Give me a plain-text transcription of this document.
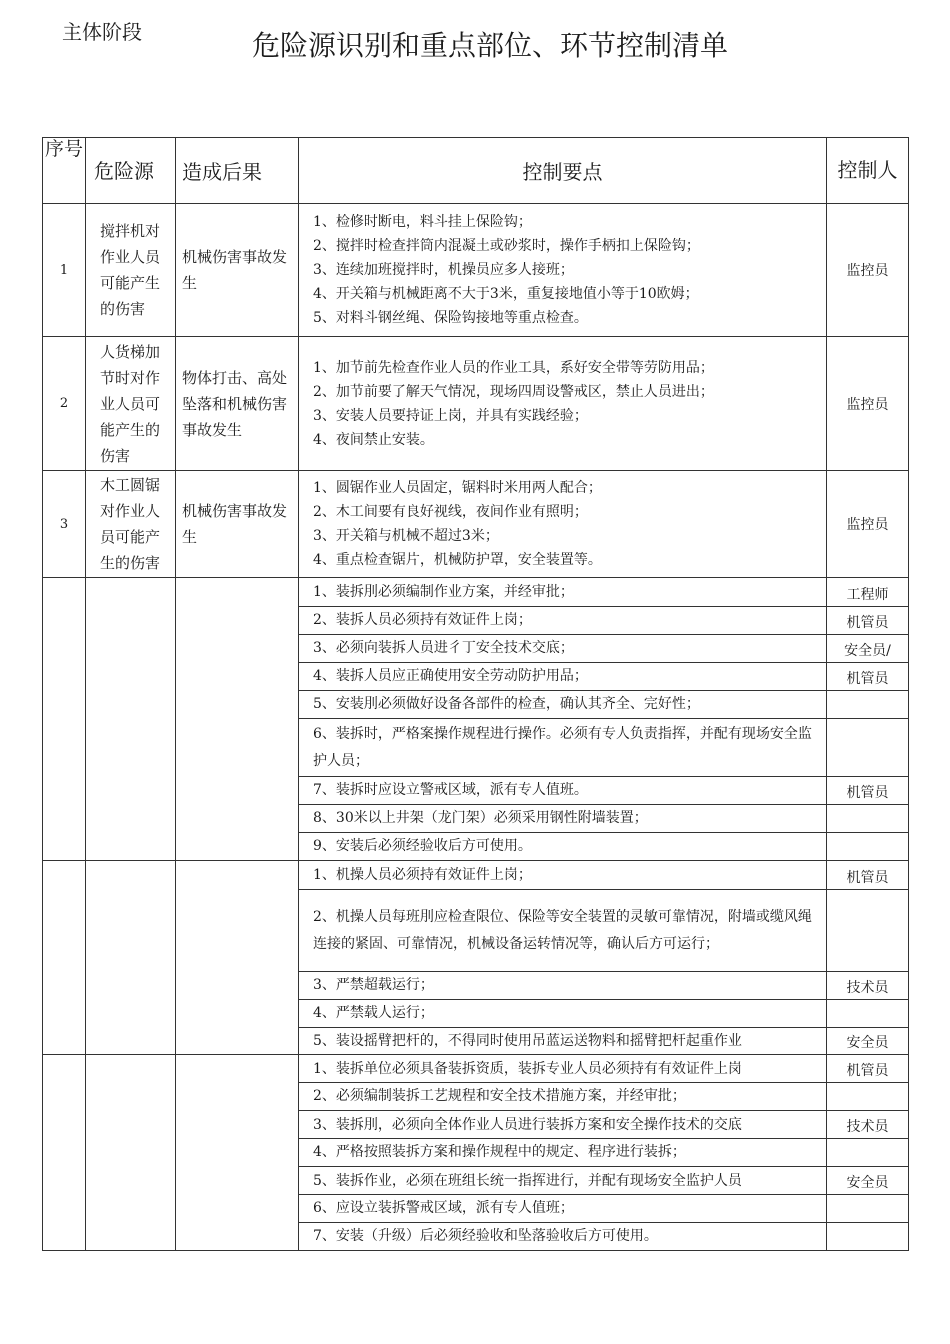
主体阶段	危险源识别和重点部位、环节控制清单
序号	危险源	造成后果	控制要点	控制人
1	搅拌机对作业人员可能产生的伤害	机械伤害事故发生	1、检修时断电，料斗挂上保险钩；
2、搅拌时检查拌筒内混凝土或砂浆时，操作手柄扣上保险钩；
3、连续加班搅拌时，机操员应多人接班；
4、开关箱与机械距离不大于3米，重复接地值小等于10欧姆；
5、对料斗钢丝绳、保险钩接地等重点检查。	监控员
2	人货梯加节时对作业人员可能产生的伤害	物体打击、高处坠落和机械伤害事故发生	1、加节前先检查作业人员的作业工具，系好安全带等劳防用品；
2、加节前要了解天气情况，现场四周设警戒区，禁止人员进出；
3、安装人员要持证上岗，并具有实践经验；
4、夜间禁止安装。	监控员
3	木工圆锯对作业人员可能产生的伤害	机械伤害事故发生	1、圆锯作业人员固定，锯料时米用两人配合；
2、木工间要有良好视线，夜间作业有照明；
3、开关箱与机械不超过3米；
4、重点检查锯片，机械防护罩，安全装置等。	监控员
			1、装拆刖必须编制作业方案，并经审批；	工程师
			2、装拆人员必须持有效证件上岗；	机管员
			3、必须向装拆人员进彳丁安全技术交底；	安全员/
			4、装拆人员应正确使用安全劳动防护用品；	机管员
			5、安装刖必须做好设备各部件的检查，确认其齐全、完好性；	
			6、装拆时，严格案操作规程进行操作。必须有专人负责指挥，并配有现场安全监护人员；	
			7、装拆时应设立警戒区域，派有专人值班。	机管员
			8、30米以上井架（龙门架）必须采用钢性附墙装置；	
			9、安装后必须经验收后方可使用。	
			1、机操人员必须持有效证件上岗；	机管员
			2、机操人员每班刖应检查限位、保险等安全装置的灵敏可靠情况，附墙或缆风绳连接的紧固、可靠情况，机械设备运转情况等，确认后方可运行；	
			3、严禁超载运行；	技术员
			4、严禁载人运行；	
			5、装设摇臂把杆的，不得同时使用吊蓝运送物料和摇臂把杆起重作业	安全员
			1、装拆单位必须具备装拆资质，装拆专业人员必须持有有效证件上岗	机管员
			2、必须编制装拆工艺规程和安全技术措施方案，并经审批；	
			3、装拆刖，必须向全体作业人员进行装拆方案和安全操作技术的交底	技术员
			4、严格按照装拆方案和操作规程中的规定、程序进行装拆；	
			5、装拆作业，必须在班组长统一指挥进行，并配有现场安全监护人员	安全员
			6、应设立装拆警戒区域，派有专人值班；	
			7、安装（升级）后必须经验收和坠落验收后方可使用。	
